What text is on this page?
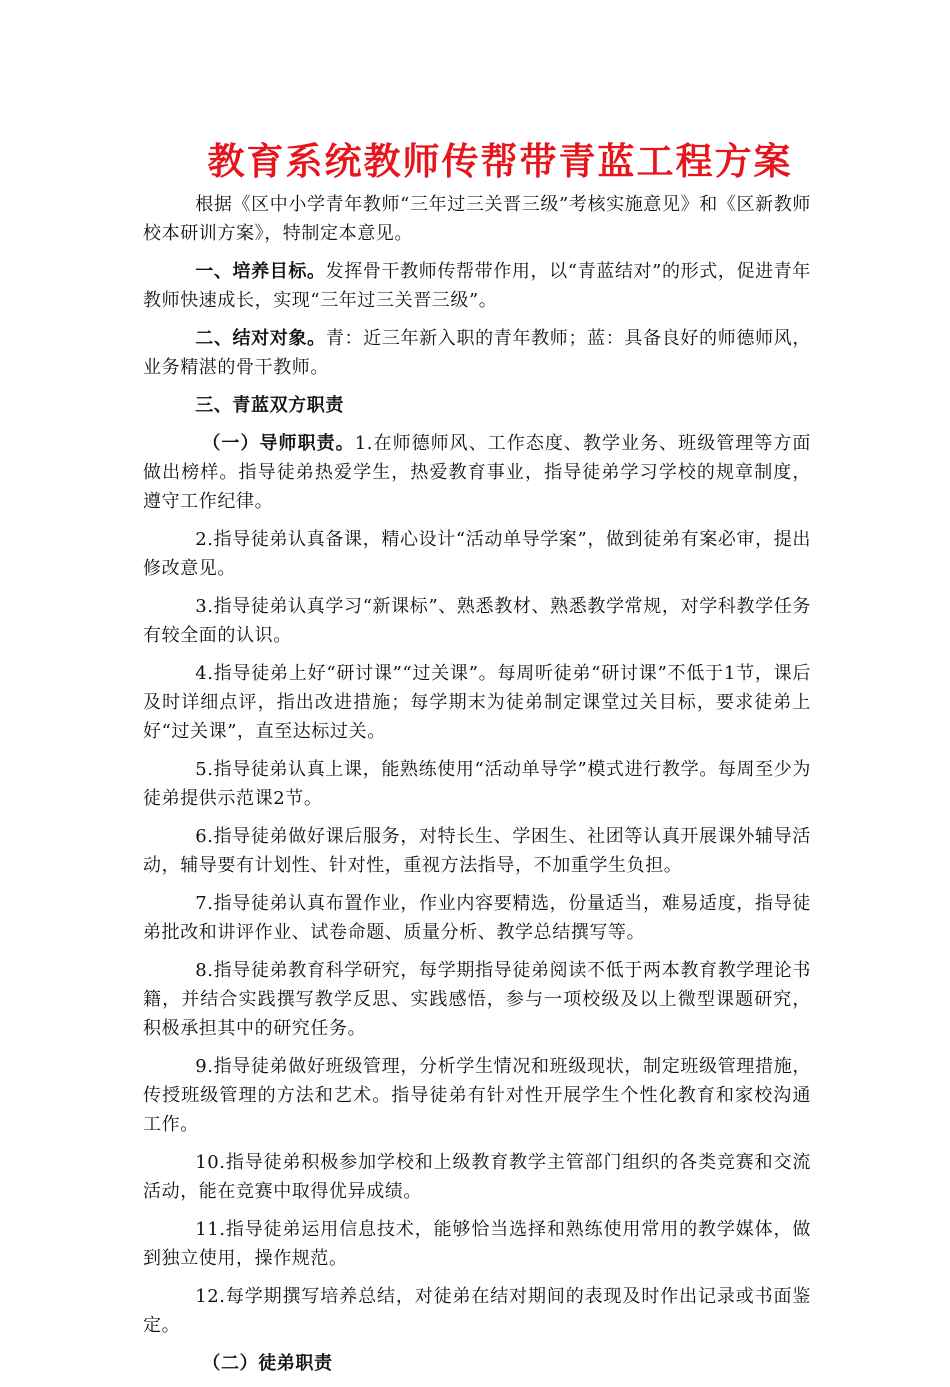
教育系统教师传帮带青蓝工程方案

根据《区中小学青年教师“三年过三关晋三级”考核实施意见》和《区新教师校本研训方案》，特制定本意见。

一、培养目标。发挥骨干教师传帮带作用，以“青蓝结对”的形式，促进青年教师快速成长，实现“三年过三关晋三级”。

二、结对对象。青：近三年新入职的青年教师；蓝：具备良好的师德师风，业务精湛的骨干教师。

三、青蓝双方职责

（一）导师职责。1.在师德师风、工作态度、教学业务、班级管理等方面做出榜样。指导徒弟热爱学生，热爱教育事业，指导徒弟学习学校的规章制度，遵守工作纪律。

2.指导徒弟认真备课，精心设计“活动单导学案”，做到徒弟有案必审，提出修改意见。

3.指导徒弟认真学习“新课标”、熟悉教材、熟悉教学常规，对学科教学任务有较全面的认识。

4.指导徒弟上好“研讨课”“过关课”。每周听徒弟“研讨课”不低于1节，课后及时详细点评，指出改进措施；每学期末为徒弟制定课堂过关目标，要求徒弟上好“过关课”，直至达标过关。

5.指导徒弟认真上课，能熟练使用“活动单导学”模式进行教学。每周至少为徒弟提供示范课2节。

6.指导徒弟做好课后服务，对特长生、学困生、社团等认真开展课外辅导活动，辅导要有计划性、针对性，重视方法指导，不加重学生负担。

7.指导徒弟认真布置作业，作业内容要精选，份量适当，难易适度，指导徒弟批改和讲评作业、试卷命题、质量分析、教学总结撰写等。

8.指导徒弟教育科学研究，每学期指导徒弟阅读不低于两本教育教学理论书籍，并结合实践撰写教学反思、实践感悟，参与一项校级及以上微型课题研究，积极承担其中的研究任务。

9.指导徒弟做好班级管理，分析学生情况和班级现状，制定班级管理措施，传授班级管理的方法和艺术。指导徒弟有针对性开展学生个性化教育和家校沟通工作。

10.指导徒弟积极参加学校和上级教育教学主管部门组织的各类竞赛和交流活动，能在竞赛中取得优异成绩。

11.指导徒弟运用信息技术，能够恰当选择和熟练使用常用的教学媒体，做到独立使用，操作规范。

12.每学期撰写培养总结，对徒弟在结对期间的表现及时作出记录或书面鉴定。

（二）徒弟职责
